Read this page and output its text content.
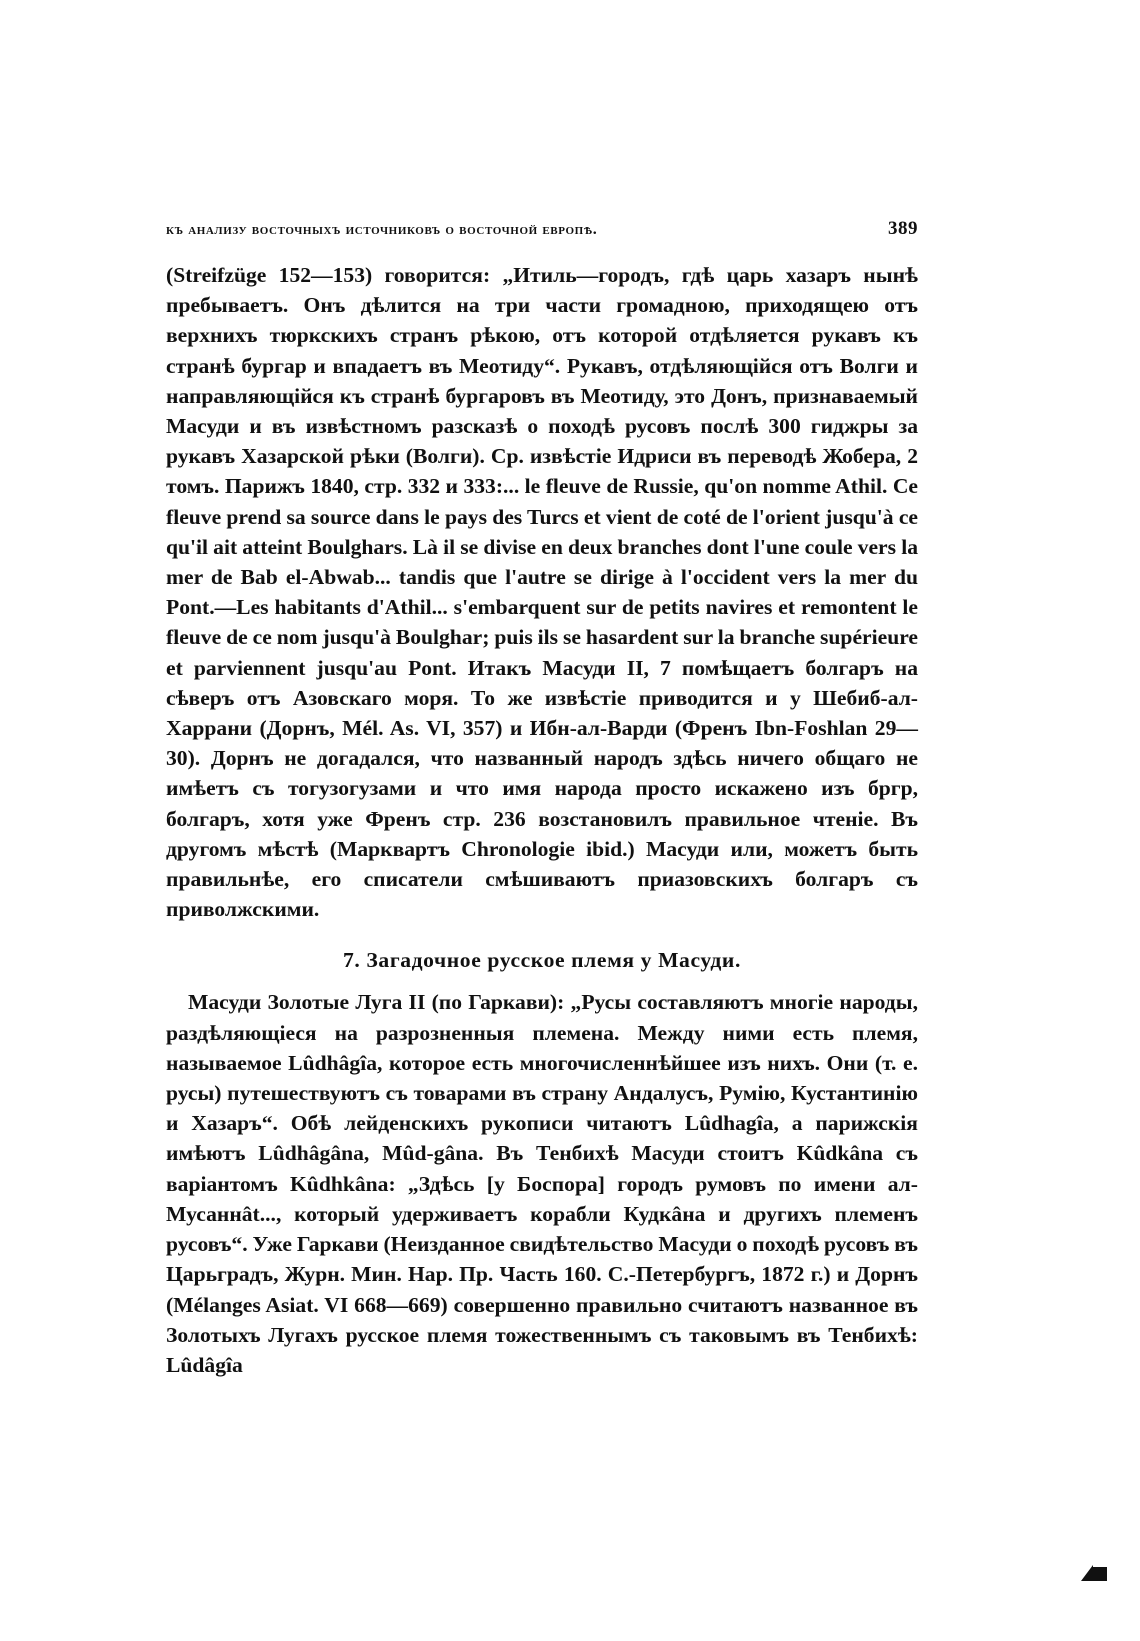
къ анализу восточныхъ источниковъ о восточной европѣ.	389

(Streifzüge 152—153) говорится: „Итиль—городъ, гдѣ царь хазаръ нынѣ пребываетъ. Онъ дѣлится на три части громадною, приходящею отъ верхнихъ тюркскихъ странъ рѣкою, отъ которой отдѣляется рукавъ къ странѣ бургар и впадаетъ въ Меотиду“. Рукавъ, отдѣляющійся отъ Волги и направляющійся къ странѣ бургаровъ въ Меотиду, это Донъ, признаваемый Масуди и въ извѣстномъ разсказѣ о походѣ русовъ послѣ 300 гиджры за рукавъ Хазарской рѣки (Волги). Ср. извѣстіе Идриси въ переводѣ Жобера, 2 томъ. Парижъ 1840, стр. 332 и 333:... le fleuve de Russie, qu'on nomme Athil. Ce fleuve prend sa source dans le pays des Turcs et vient de coté de l'orient jusqu'à ce qu'il ait atteint Boulghars. Là il se divise en deux branches dont l'une coule vers la mer de Bab el-Abwab... tandis que l'autre se dirige à l'occident vers la mer du Pont.—Les habitants d'Athil... s'embarquent sur de petits navires et remontent le fleuve de ce nom jusqu'à Boulghar; puis ils se hasardent sur la branche supérieure et parviennent jusqu'au Pont. Итакъ Масуди II, 7 помѣщаетъ болгаръ на сѣверъ отъ Азовскаго моря. То же извѣстіе приводится и у Шебиб-ал-Харрани (Дорнъ, Mél. As. VI, 357) и Ибн-ал-Варди (Френъ Ibn-Foshlan 29—30). Дорнъ не догадался, что названный народъ здѣсь ничего общаго не имѣетъ съ тогузогузами и что имя народа просто искажено изъ бргр, болгаръ, хотя уже Френъ стр. 236 возстановилъ правильное чтеніе. Въ другомъ мѣстѣ (Марквартъ Chronologie ibid.) Масуди или, можетъ быть правильнѣе, его списатели смѣшиваютъ приазовскихъ болгаръ съ приволжскими.

7. Загадочное русское племя у Масуди.

Масуди Золотые Луга II (по Гаркави): „Русы составляютъ многіе народы, раздѣляющіеся на разрозненныя племена. Между ними есть племя, называемое Lûdhâgîa, которое есть многочисленнѣйшее изъ нихъ. Они (т. е. русы) путешествуютъ съ товарами въ страну Андалусъ, Румію, Кустантинію и Хазаръ“. Обѣ лейденскихъ рукописи читаютъ Lûdhagîa, а парижскія имѣютъ Lûdhâgâna, Mûd-gâna. Въ Тенбихѣ Масуди стоитъ Kûdkâna съ варіантомъ Kûdhkâna: „Здѣсь [у Боспора] городъ румовъ по имени ал-Мусаннât..., который удерживаетъ корабли Кудкâна и другихъ племенъ русовъ“. Уже Гаркави (Неизданное свидѣтельство Масуди о походѣ русовъ въ Царьградъ, Журн. Мин. Нар. Пр. Часть 160. С.-Петербургъ, 1872 г.) и Дорнъ (Mélanges Asiat. VI 668—669) совершенно правильно считаютъ названное въ Золотыхъ Лугахъ русское племя тожественнымъ съ таковымъ въ Тенбихѣ: Lûdâgîa
